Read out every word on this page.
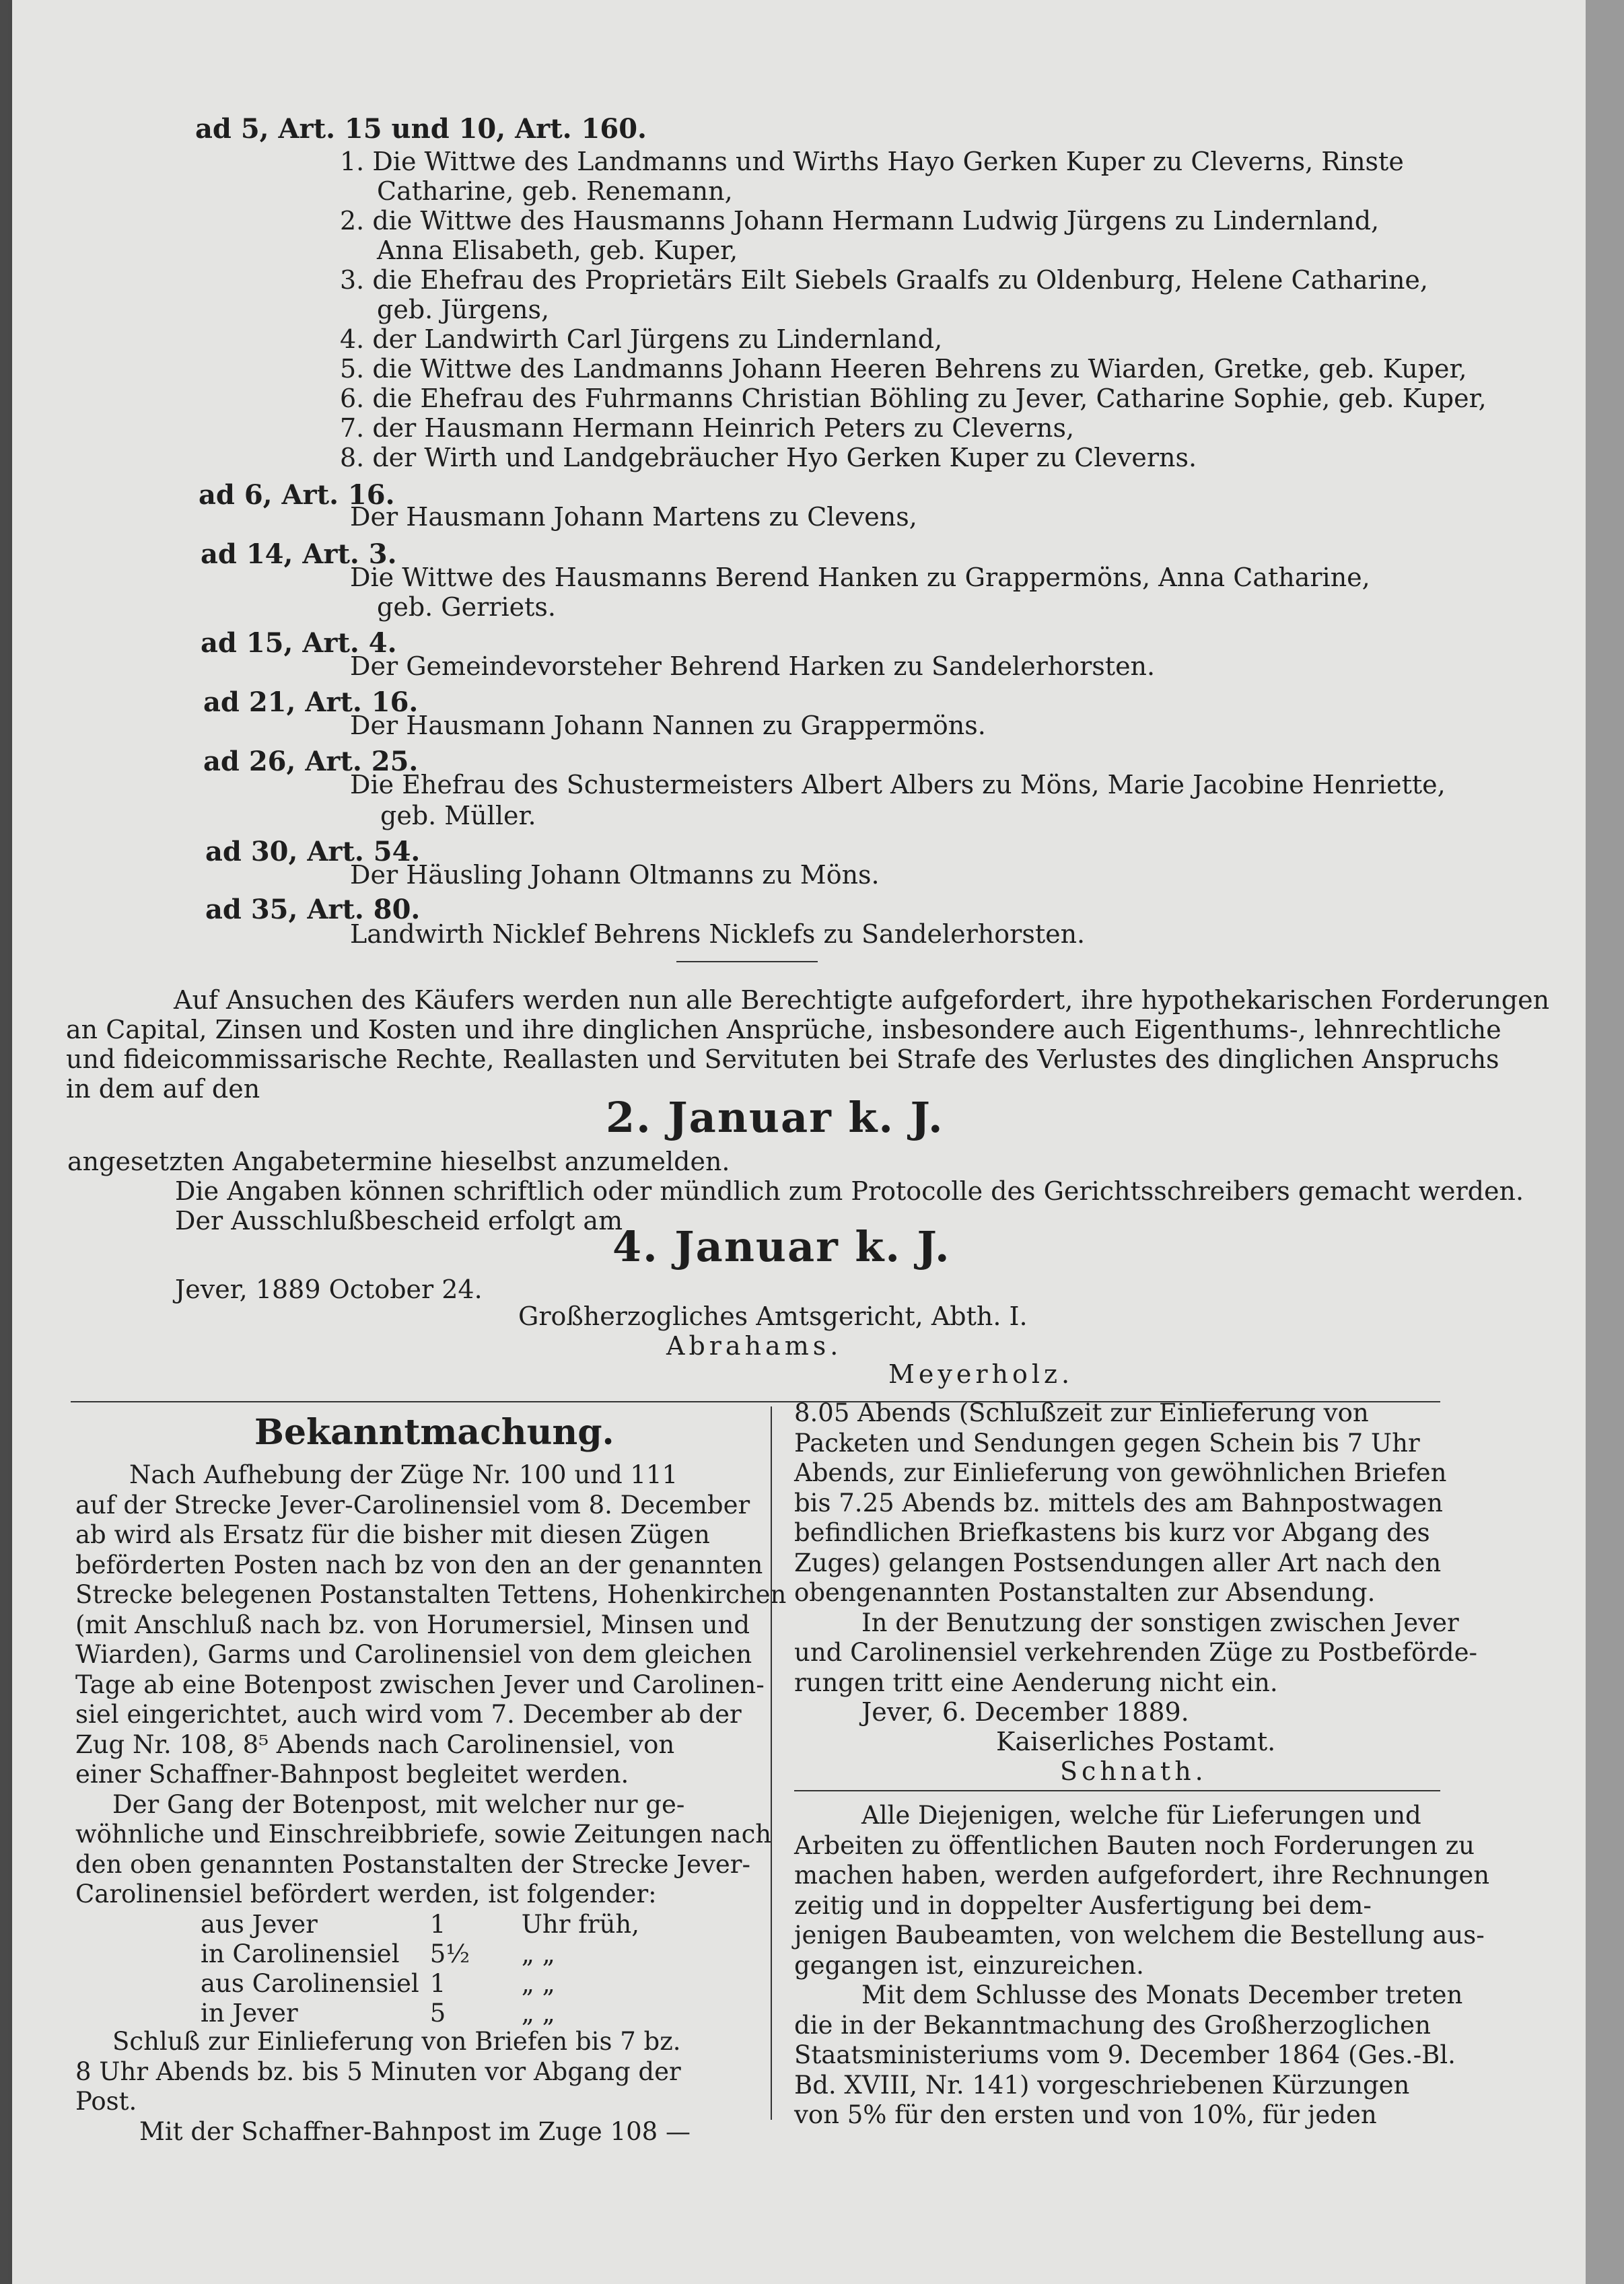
ad 5, Art. 15 und 10, Art. 160.
1. Die Wittwe des Landmanns und Wirths Hayo Gerken Kuper zu Cleverns, Rinste
Catharine, geb. Renemann,
2. die Wittwe des Hausmanns Johann Hermann Ludwig Jürgens zu Lindernland,
Anna Elisabeth, geb. Kuper,
3. die Ehefrau des Proprietärs Eilt Siebels Graalfs zu Oldenburg, Helene Catharine,
geb. Jürgens,
4. der Landwirth Carl Jürgens zu Lindernland,
5. die Wittwe des Landmanns Johann Heeren Behrens zu Wiarden, Gretke, geb. Kuper,
6. die Ehefrau des Fuhrmanns Christian Böhling zu Jever, Catharine Sophie, geb. Kuper,
7. der Hausmann Hermann Heinrich Peters zu Cleverns,
8. der Wirth und Landgebräucher Hyo Gerken Kuper zu Cleverns.
ad 6, Art. 16.
Der Hausmann Johann Martens zu Clevens,
ad 14, Art. 3.
Die Wittwe des Hausmanns Berend Hanken zu Grappermöns, Anna Catharine,
geb. Gerriets.
ad 15, Art. 4.
Der Gemeindevorsteher Behrend Harken zu Sandelerhorsten.
ad 21, Art. 16.
Der Hausmann Johann Nannen zu Grappermöns.
ad 26, Art. 25.
Die Ehefrau des Schustermeisters Albert Albers zu Möns, Marie Jacobine Henriette,
geb. Müller.
ad 30, Art. 54.
Der Häusling Johann Oltmanns zu Möns.
ad 35, Art. 80.
Landwirth Nicklef Behrens Nicklefs zu Sandelerhorsten.
Auf Ansuchen des Käufers werden nun alle Berechtigte aufgefordert, ihre hypothekarischen Forderungen
an Capital, Zinsen und Kosten und ihre dinglichen Ansprüche, insbesondere auch Eigenthums-, lehnrechtliche
und fideicommissarische Rechte, Reallasten und Servituten bei Strafe des Verlustes des dinglichen Anspruchs
in dem auf den
2. Januar k. J.
angesetzten Angabetermine hieselbst anzumelden.
Die Angaben können schriftlich oder mündlich zum Protocolle des Gerichtsschreibers gemacht werden.
Der Ausschlußbescheid erfolgt am
4. Januar k. J.
Jever, 1889 October 24.
Großherzogliches Amtsgericht, Abth. I.
Abrahams.
Meyerholz.
Bekanntmachung.
Nach Aufhebung der Züge Nr. 100 und 111
auf der Strecke Jever-Carolinensiel vom 8. December
ab wird als Ersatz für die bisher mit diesen Zügen
beförderten Posten nach bz von den an der genannten
Strecke belegenen Postanstalten Tettens, Hohenkirchen
(mit Anschluß nach bz. von Horumersiel, Minsen und
Wiarden), Garms und Carolinensiel von dem gleichen
Tage ab eine Botenpost zwischen Jever und Carolinen-
siel eingerichtet, auch wird vom 7. December ab der
Zug Nr. 108, 8⁵ Abends nach Carolinensiel, von
einer Schaffner-Bahnpost begleitet werden.
Der Gang der Botenpost, mit welcher nur ge-
wöhnliche und Einschreibbriefe, sowie Zeitungen nach
den oben genannten Postanstalten der Strecke Jever-
Carolinensiel befördert werden, ist folgender:
aus Jever	1	Uhr früh,
in Carolinensiel	5½	„ „
aus Carolinensiel	1	„ „
in Jever	5	„ „
Schluß zur Einlieferung von Briefen bis 7 bz.
8 Uhr Abends bz. bis 5 Minuten vor Abgang der
Post.
Mit der Schaffner-Bahnpost im Zuge 108 —
8.05 Abends (Schlußzeit zur Einlieferung von
Packeten und Sendungen gegen Schein bis 7 Uhr
Abends, zur Einlieferung von gewöhnlichen Briefen
bis 7.25 Abends bz. mittels des am Bahnpostwagen
befindlichen Briefkastens bis kurz vor Abgang des
Zuges) gelangen Postsendungen aller Art nach den
obengenannten Postanstalten zur Absendung.
In der Benutzung der sonstigen zwischen Jever
und Carolinensiel verkehrenden Züge zu Postbeförde-
rungen tritt eine Aenderung nicht ein.
Jever, 6. December 1889.
Kaiserliches Postamt.
Schnath.
Alle Diejenigen, welche für Lieferungen und
Arbeiten zu öffentlichen Bauten noch Forderungen zu
machen haben, werden aufgefordert, ihre Rechnungen
zeitig und in doppelter Ausfertigung bei dem-
jenigen Baubeamten, von welchem die Bestellung aus-
gegangen ist, einzureichen.
Mit dem Schlusse des Monats December treten
die in der Bekanntmachung des Großherzoglichen
Staatsministeriums vom 9. December 1864 (Ges.-Bl.
Bd. XVIII, Nr. 141) vorgeschriebenen Kürzungen
von 5% für den ersten und von 10%, für jeden
